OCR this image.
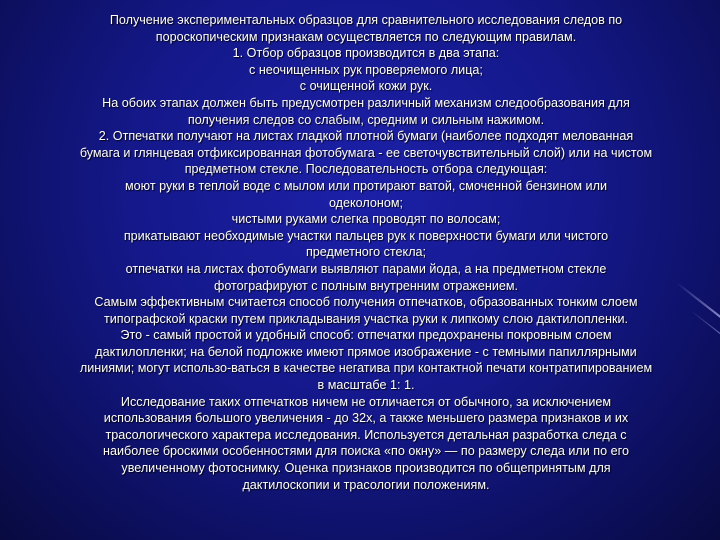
Получение экспериментальных образцов для сравнительного исследования следов по
пороскопическим признакам осуществляется по следующим правилам.
1. Отбор образцов производится в два этапа:
с неочищенных рук проверяемого лица;
с очищенной кожи рук.
На обоих этапах должен быть предусмотрен различный механизм следообразования для
получения следов со слабым, средним и сильным нажимом.
2. Отпечатки получают на листах гладкой плотной бумаги (наиболее подходят мелованная
бумага и глянцевая отфиксированная фотобумага - ее светочувствительный слой) или на чистом
предметном стекле. Последовательность отбора следующая:
моют руки в теплой воде с мылом или протирают ватой, смоченной бензином или
одеколоном;
чистыми руками слегка проводят по волосам;
прикатывают необходимые участки пальцев рук к поверхности бумаги или чистого
предметного стекла;
отпечатки на листах фотобумаги выявляют парами йода, а на предметном стекле
фотографируют с полным внутренним отражением.
Самым эффективным считается способ получения отпечатков, образованных тонким слоем
типографской краски путем прикладывания участка руки к липкому слою дактилопленки.
Это - самый простой и удобный способ: отпечатки предохранены покровным слоем
дактилопленки; на белой подложке имеют прямое изображение - с темными папиллярными
линиями; могут использо-ваться в качестве негатива при контактной печати контратипированием
в масштабе 1: 1.
Исследование таких отпечатков ничем не отличается от обычного, за исключением
использования большого увеличения - до 32х, а также меньшего размера признаков и их
трасологического характера исследования. Используется детальная разработка следа с
наиболее броскими особенностями для поиска «по окну» — по размеру следа или по его
увеличенному фотоснимку. Оценка признаков производится по общепринятым для
дактилоскопии и трасологии положениям.
